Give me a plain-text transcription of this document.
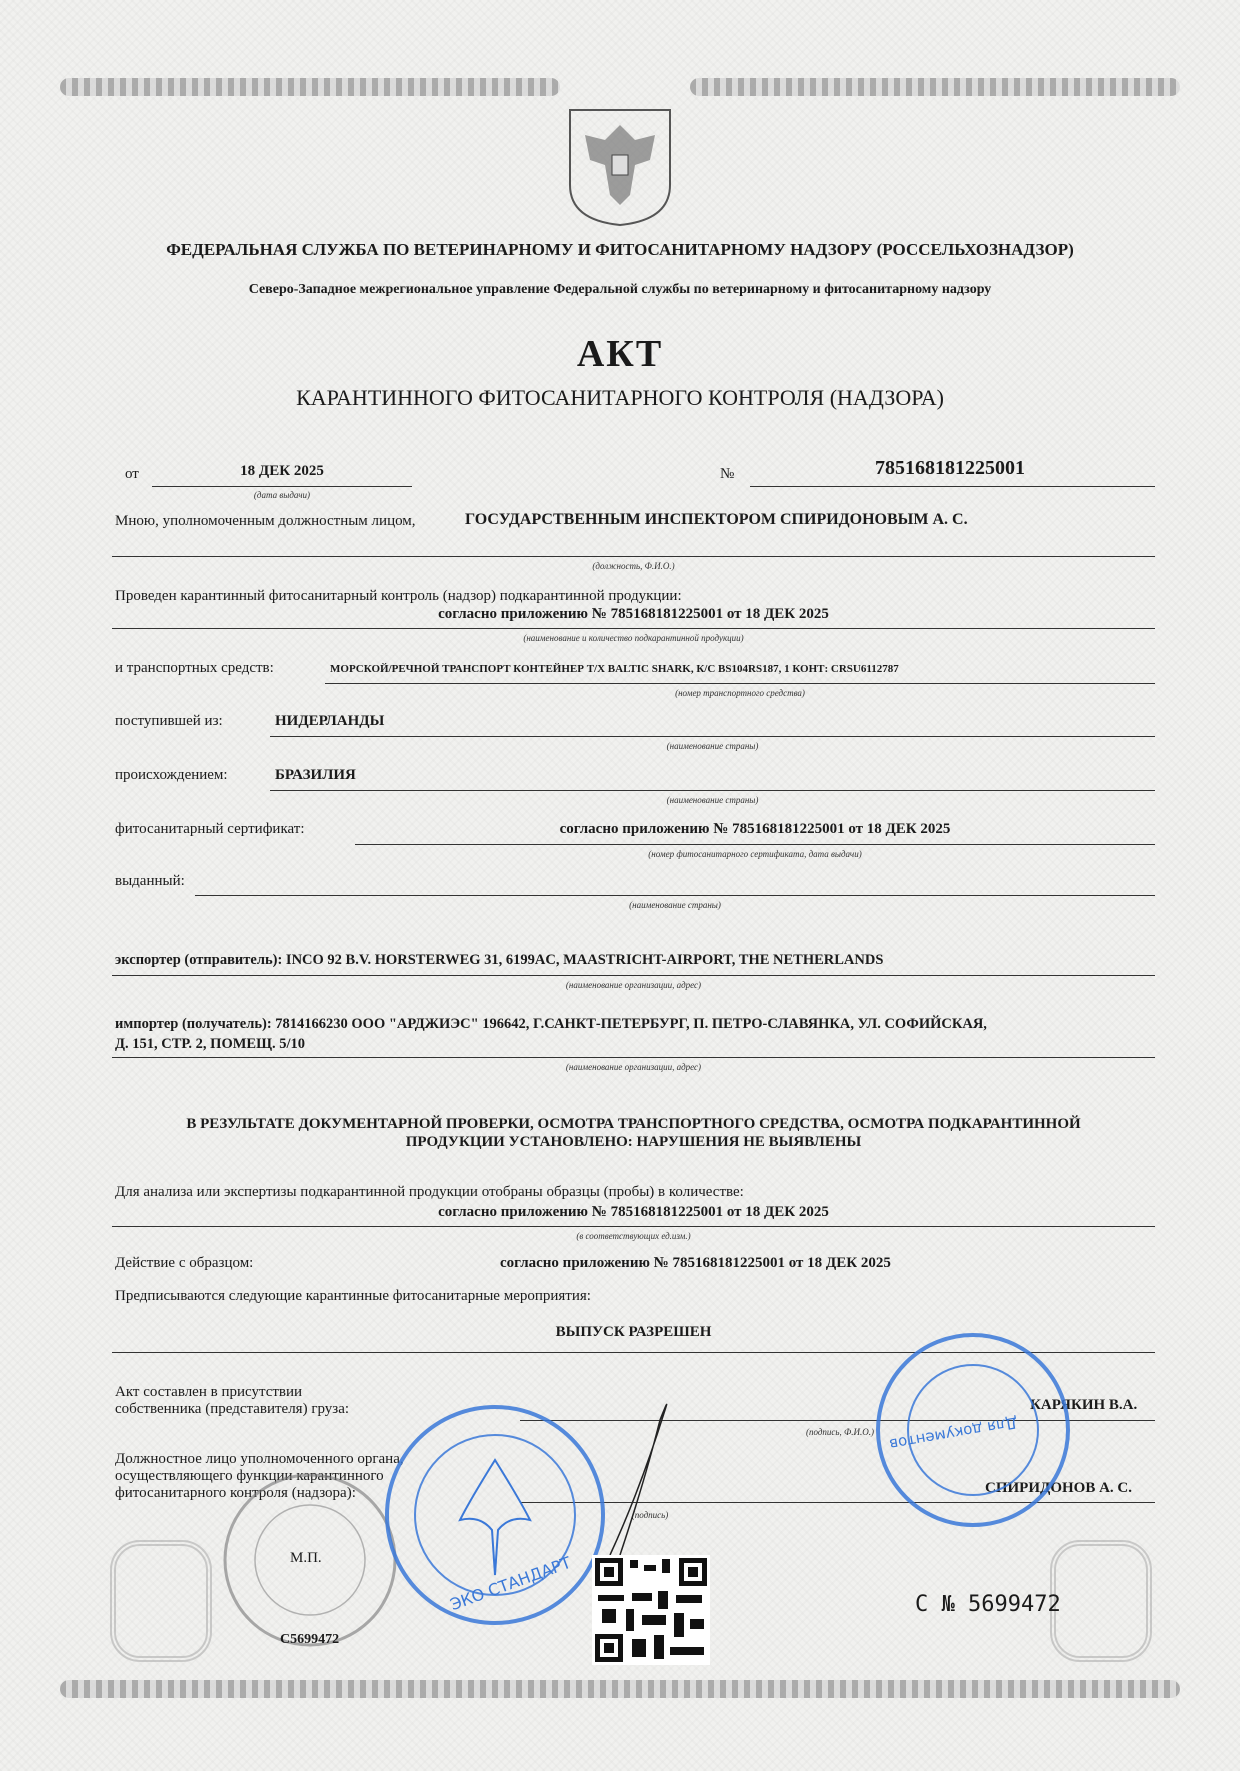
ФЕДЕРАЛЬНАЯ СЛУЖБА ПО ВЕТЕРИНАРНОМУ И ФИТОСАНИТАРНОМУ НАДЗОРУ (РОССЕЛЬХОЗНАДЗОР)
Северо-Западное межрегиональное управление Федеральной службы по ветеринарному и фитосанитарному надзору
АКТ
КАРАНТИННОГО ФИТОСАНИТАРНОГО КОНТРОЛЯ (НАДЗОРА)
от	18 ДЕК 2025
(дата выдачи)
№	785168181225001
Мною, уполномоченным должностным лицом,	ГОСУДАРСТВЕННЫМ ИНСПЕКТОРОМ СПИРИДОНОВЫМ А. С.
(должность, Ф.И.О.)
Проведен карантинный фитосанитарный контроль (надзор) подкарантинной продукции:
согласно приложению № 785168181225001 от 18 ДЕК 2025
(наименование и количество подкарантинной продукции)
и транспортных средств:	МОРСКОЙ/РЕЧНОЙ ТРАНСПОРТ КОНТЕЙНЕР Т/Х BALTIC SHARK, К/С BS104RS187, 1 КОНТ: CRSU6112787
(номер транспортного средства)
поступившей из:	НИДЕРЛАНДЫ
(наименование страны)
происхождением:	БРАЗИЛИЯ
(наименование страны)
фитосанитарный сертификат:	согласно приложению № 785168181225001 от 18 ДЕК 2025
(номер фитосанитарного сертификата, дата выдачи)
выданный:
(наименование страны)
экспортер (отправитель): INCO 92 B.V. HORSTERWEG 31, 6199AC, MAASTRICHT-AIRPORT, THE NETHERLANDS
(наименование организации, адрес)
импортер (получатель): 7814166230 ООО "АРДЖИЭС" 196642, Г.САНКТ-ПЕТЕРБУРГ, П. ПЕТРО-СЛАВЯНКА, УЛ. СОФИЙСКАЯ,
Д. 151, СТР. 2, ПОМЕЩ. 5/10
(наименование организации, адрес)
В РЕЗУЛЬТАТЕ ДОКУМЕНТАРНОЙ ПРОВЕРКИ, ОСМОТРА ТРАНСПОРТНОГО СРЕДСТВА, ОСМОТРА ПОДКАРАНТИННОЙ
ПРОДУКЦИИ УСТАНОВЛЕНО: НАРУШЕНИЯ НЕ ВЫЯВЛЕНЫ
Для анализа или экспертизы подкарантинной продукции отобраны образцы (пробы) в количестве:
согласно приложению № 785168181225001 от 18 ДЕК 2025
(в соответствующих ед.изм.)
Действие с образцом:	согласно приложению № 785168181225001 от 18 ДЕК 2025
Предписываются следующие карантинные фитосанитарные мероприятия:
ВЫПУСК РАЗРЕШЕН
Акт составлен в присутствии
собственника (представителя) груза:	КАРЯКИН В.А.
(подпись, Ф.И.О.)
Должностное лицо уполномоченного органа,
осуществляющего функции карантинного
фитосанитарного контроля (надзора):	СПИРИДОНОВ А. С.
(подпись)
М.П.
C5699472
ЭКО СТАНДАРТ
Для документов
С № 5699472
